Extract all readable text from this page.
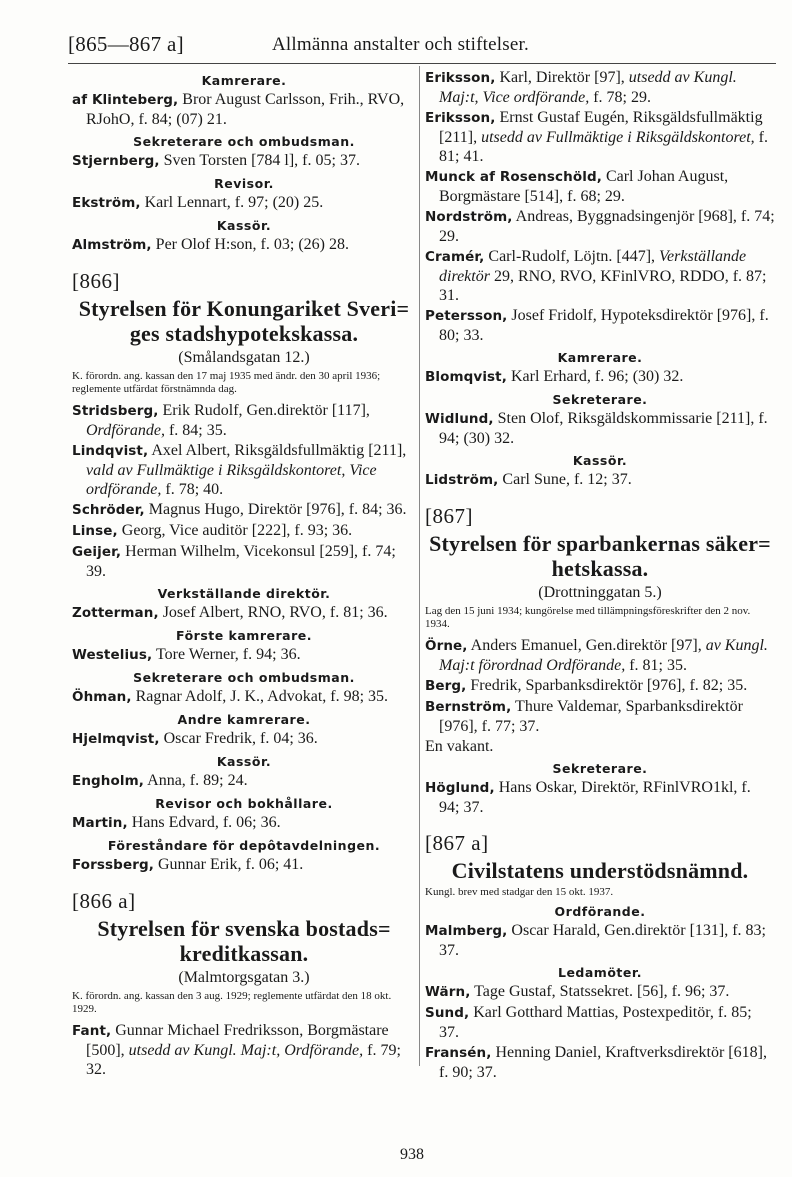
[865—867 a]	Allmänna anstalter och stiftelser.
Kamrerare.
af Klinteberg, Bror August Carlsson, Frih., RVO, RJohO, f. 84; (07) 21.
Sekreterare och ombudsman.
Stjernberg, Sven Torsten [784 l], f. 05; 37.
Revisor.
Ekström, Karl Lennart, f. 97; (20) 25.
Kassör.
Almström, Per Olof H:son, f. 03; (26) 28.
[866]
Styrelsen för Konungariket Sveri= ges stadshypotekskassa.
(Smålandsgatan 12.)
K. förordn. ang. kassan den 17 maj 1935 med ändr. den 30 april 1936; reglemente utfärdat förstnämnda dag.
Stridsberg, Erik Rudolf, Gen.direktör [117], Ordförande, f. 84; 35.
Lindqvist, Axel Albert, Riksgäldsfullmäktig [211], vald av Fullmäktige i Riksgäldskontoret, Vice ordförande, f. 78; 40.
Schröder, Magnus Hugo, Direktör [976], f. 84; 36.
Linse, Georg, Vice auditör [222], f. 93; 36.
Geijer, Herman Wilhelm, Vicekonsul [259], f. 74; 39.
Verkställande direktör.
Zotterman, Josef Albert, RNO, RVO, f. 81; 36.
Förste kamrerare.
Westelius, Tore Werner, f. 94; 36.
Sekreterare och ombudsman.
Öhman, Ragnar Adolf, J. K., Advokat, f. 98; 35.
Andre kamrerare.
Hjelmqvist, Oscar Fredrik, f. 04; 36.
Kassör.
Engholm, Anna, f. 89; 24.
Revisor och bokhållare.
Martin, Hans Edvard, f. 06; 36.
Föreståndare för depôtavdelningen.
Forssberg, Gunnar Erik, f. 06; 41.
[866 a]
Styrelsen för svenska bostads= kreditkassan.
(Malmtorgsgatan 3.)
K. förordn. ang. kassan den 3 aug. 1929; reglemente utfärdat den 18 okt. 1929.
Fant, Gunnar Michael Fredriksson, Borgmästare [500], utsedd av Kungl. Maj:t, Ordförande, f. 79; 32.
Eriksson, Karl, Direktör [97], utsedd av Kungl. Maj:t, Vice ordförande, f. 78; 29.
Eriksson, Ernst Gustaf Eugén, Riksgäldsfullmäktig [211], utsedd av Fullmäktige i Riksgäldskontoret, f. 81; 41.
Munck af Rosenschöld, Carl Johan August, Borgmästare [514], f. 68; 29.
Nordström, Andreas, Byggnadsingenjör [968], f. 74; 29.
Cramér, Carl-Rudolf, Löjtn. [447], Verkställande direktör 29, RNO, RVO, KFinlVRO, RDDO, f. 87; 31.
Petersson, Josef Fridolf, Hypoteksdirektör [976], f. 80; 33.
Kamrerare.
Blomqvist, Karl Erhard, f. 96; (30) 32.
Sekreterare.
Widlund, Sten Olof, Riksgäldskommissarie [211], f. 94; (30) 32.
Kassör.
Lidström, Carl Sune, f. 12; 37.
[867]
Styrelsen för sparbankernas säker= hetskassa.
(Drottninggatan 5.)
Lag den 15 juni 1934; kungörelse med tillämpningsföreskrifter den 2 nov. 1934.
Örne, Anders Emanuel, Gen.direktör [97], av Kungl. Maj:t förordnad Ordförande, f. 81; 35.
Berg, Fredrik, Sparbanksdirektör [976], f. 82; 35.
Bernström, Thure Valdemar, Sparbanksdirektör [976], f. 77; 37.
En vakant.
Sekreterare.
Höglund, Hans Oskar, Direktör, RFinlVRO1kl, f. 94; 37.
[867 a]
Civilstatens understödsnämnd.
Kungl. brev med stadgar den 15 okt. 1937.
Ordförande.
Malmberg, Oscar Harald, Gen.direktör [131], f. 83; 37.
Ledamöter.
Wärn, Tage Gustaf, Statssekret. [56], f. 96; 37.
Sund, Karl Gotthard Mattias, Postexpeditör, f. 85; 37.
Fransén, Henning Daniel, Kraftverksdirektör [618], f. 90; 37.
938
